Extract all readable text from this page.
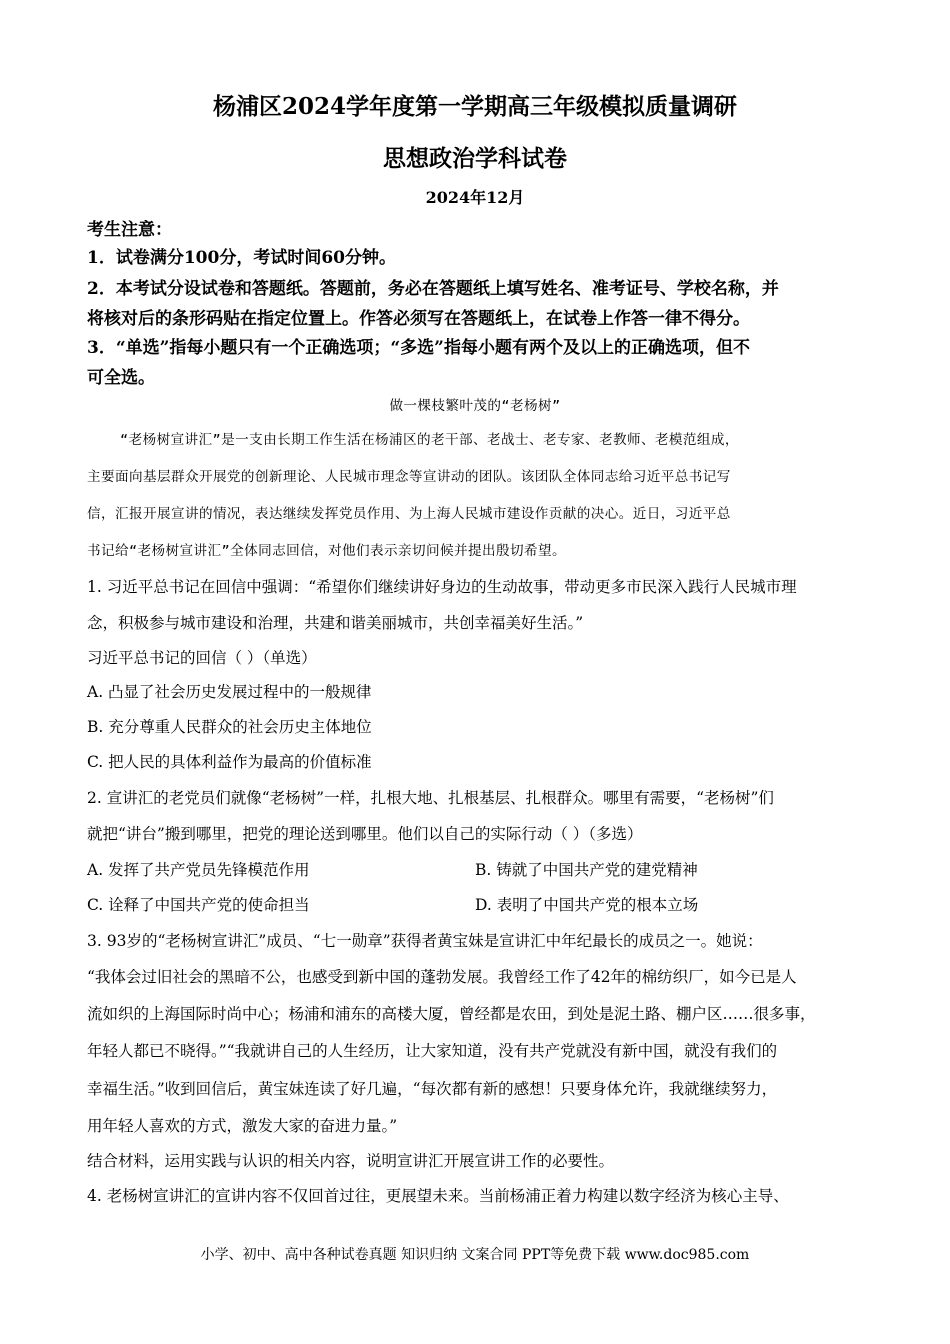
杨浦区2024学年度第一学期高三年级模拟质量调研
思想政治学科试卷
2024年12月
考生注意：
1．试卷满分100分，考试时间60分钟。
2．本考试分设试卷和答题纸。答题前，务必在答题纸上填写姓名、准考证号、学校名称，并
将核对后的条形码贴在指定位置上。作答必须写在答题纸上，在试卷上作答一律不得分。
3．“单选”指每小题只有一个正确选项；“多选”指每小题有两个及以上的正确选项，但不
可全选。
做一棵枝繁叶茂的“老杨树”
“老杨树宣讲汇”是一支由长期工作生活在杨浦区的老干部、老战士、老专家、老教师、老模范组成，
主要面向基层群众开展党的创新理论、人民城市理念等宣讲动的团队。该团队全体同志给习近平总书记写
信，汇报开展宣讲的情况，表达继续发挥党员作用、为上海人民城市建设作贡献的决心。近日，习近平总
书记给“老杨树宣讲汇”全体同志回信，对他们表示亲切问候并提出殷切希望。
1. 习近平总书记在回信中强调：“希望你们继续讲好身边的生动故事，带动更多市民深入践行人民城市理
念，积极参与城市建设和治理，共建和谐美丽城市，共创幸福美好生活。”
习近平总书记的回信（ ）（单选）
A. 凸显了社会历史发展过程中的一般规律
B. 充分尊重人民群众的社会历史主体地位
C. 把人民的具体利益作为最高的价值标准
2. 宣讲汇的老党员们就像“老杨树”一样，扎根大地、扎根基层、扎根群众。哪里有需要，“老杨树”们
就把“讲台”搬到哪里，把党的理论送到哪里。他们以自己的实际行动（ ）（多选）
A. 发挥了共产党员先锋模范作用	B. 铸就了中国共产党的建党精神
C. 诠释了中国共产党的使命担当	D. 表明了中国共产党的根本立场
3. 93岁的“老杨树宣讲汇”成员、“七一勋章”获得者黄宝妹是宣讲汇中年纪最长的成员之一。她说：
“我体会过旧社会的黑暗不公，也感受到新中国的蓬勃发展。我曾经工作了42年的棉纺织厂，如今已是人
流如织的上海国际时尚中心；杨浦和浦东的高楼大厦，曾经都是农田，到处是泥土路、棚户区……很多事，
年轻人都已不晓得。”“我就讲自己的人生经历，让大家知道，没有共产党就没有新中国，就没有我们的
幸福生活。”收到回信后，黄宝妹连读了好几遍，“每次都有新的感想！只要身体允许，我就继续努力，
用年轻人喜欢的方式，激发大家的奋进力量。”
结合材料，运用实践与认识的相关内容，说明宣讲汇开展宣讲工作的必要性。
4. 老杨树宣讲汇的宣讲内容不仅回首过往，更展望未来。当前杨浦正着力构建以数字经济为核心主导、
小学、初中、高中各种试卷真题 知识归纳 文案合同 PPT等免费下载 www.doc985.com
